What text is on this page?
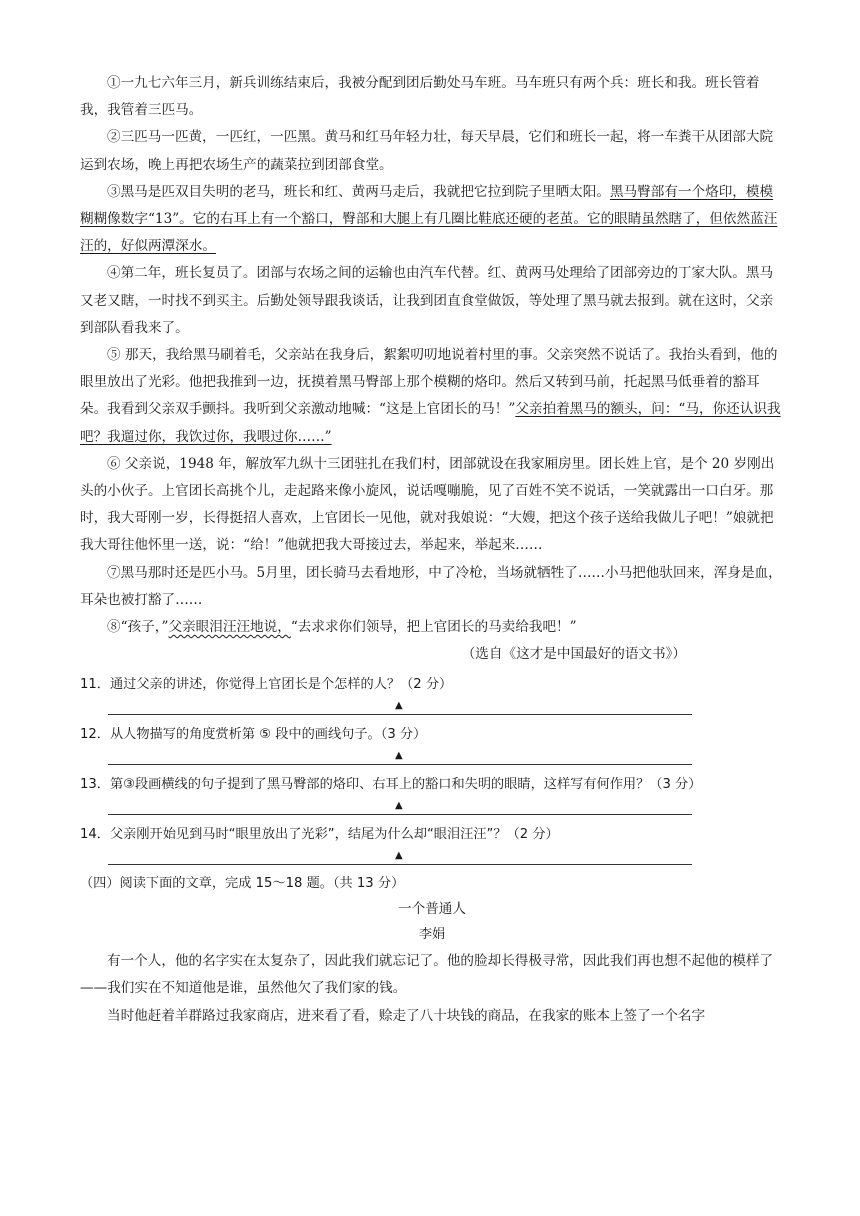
①一九七六年三月，新兵训练结束后，我被分配到团后勤处马车班。马车班只有两个兵：班长和我。班长管着我，我管着三匹马。

②三匹马一匹黄，一匹红，一匹黑。黄马和红马年轻力壮，每天早晨，它们和班长一起，将一车粪干从团部大院运到农场，晚上再把农场生产的蔬菜拉到团部食堂。

③黑马是匹双目失明的老马，班长和红、黄两马走后，我就把它拉到院子里晒太阳。黑马臀部有一个烙印，模模糊糊像数字“13”。它的右耳上有一个豁口，臀部和大腿上有几圈比鞋底还硬的老茧。它的眼睛虽然瞎了，但依然蓝汪汪的，好似两潭深水。

④第二年，班长复员了。团部与农场之间的运输也由汽车代替。红、黄两马处理给了团部旁边的丁家大队。黑马又老又瞎，一时找不到买主。后勤处领导跟我谈话，让我到团直食堂做饭，等处理了黑马就去报到。就在这时，父亲到部队看我来了。

⑤ 那天，我给黑马刷着毛，父亲站在我身后，絮絮叨叨地说着村里的事。父亲突然不说话了。我抬头看到，他的眼里放出了光彩。他把我推到一边，抚摸着黑马臀部上那个模糊的烙印。然后又转到马前，托起黑马低垂着的豁耳朵。我看到父亲双手颤抖。我听到父亲激动地喊：“这是上官团长的马！”父亲拍着黑马的额头，问：“马，你还认识我吧？我遛过你，我饮过你，我喂过你……”

⑥ 父亲说，1948 年，解放军九纵十三团驻扎在我们村，团部就设在我家厢房里。团长姓上官，是个 20 岁刚出头的小伙子。上官团长高挑个儿，走起路来像小旋风，说话嘎嘣脆，见了百姓不笑不说话，一笑就露出一口白牙。那时，我大哥刚一岁，长得挺招人喜欢，上官团长一见他，就对我娘说：“大嫂，把这个孩子送给我做儿子吧！”娘就把我大哥往他怀里一送，说：“给！”他就把我大哥接过去，举起来，举起来……

⑦黑马那时还是匹小马。5月里，团长骑马去看地形，中了冷枪，当场就牺牲了……小马把他驮回来，浑身是血，耳朵也被打豁了……

⑧“孩子，”父亲眼泪汪汪地说，“去求求你们领导，把上官团长的马卖给我吧！”

（选自《这才是中国最好的语文书》）

11．通过父亲的讲述，你觉得上官团长是个怎样的人？（2 分）

▲

12．从人物描写的角度赏析第 ⑤ 段中的画线句子。（3 分）

▲

13．第③段画横线的句子提到了黑马臀部的烙印、右耳上的豁口和失明的眼睛，这样写有何作用？（3 分）

▲

14．父亲刚开始见到马时“眼里放出了光彩”，结尾为什么却“眼泪汪汪”？（2 分）

▲

（四）阅读下面的文章，完成 15～18 题。（共 13 分）

一个普通人

李娟

有一个人，他的名字实在太复杂了，因此我们就忘记了。他的脸却长得极寻常，因此我们再也想不起他的模样了——我们实在不知道他是谁，虽然他欠了我们家的钱。

当时他赶着羊群路过我家商店，进来看了看，赊走了八十块钱的商品，在我家的账本上签了一个名字
